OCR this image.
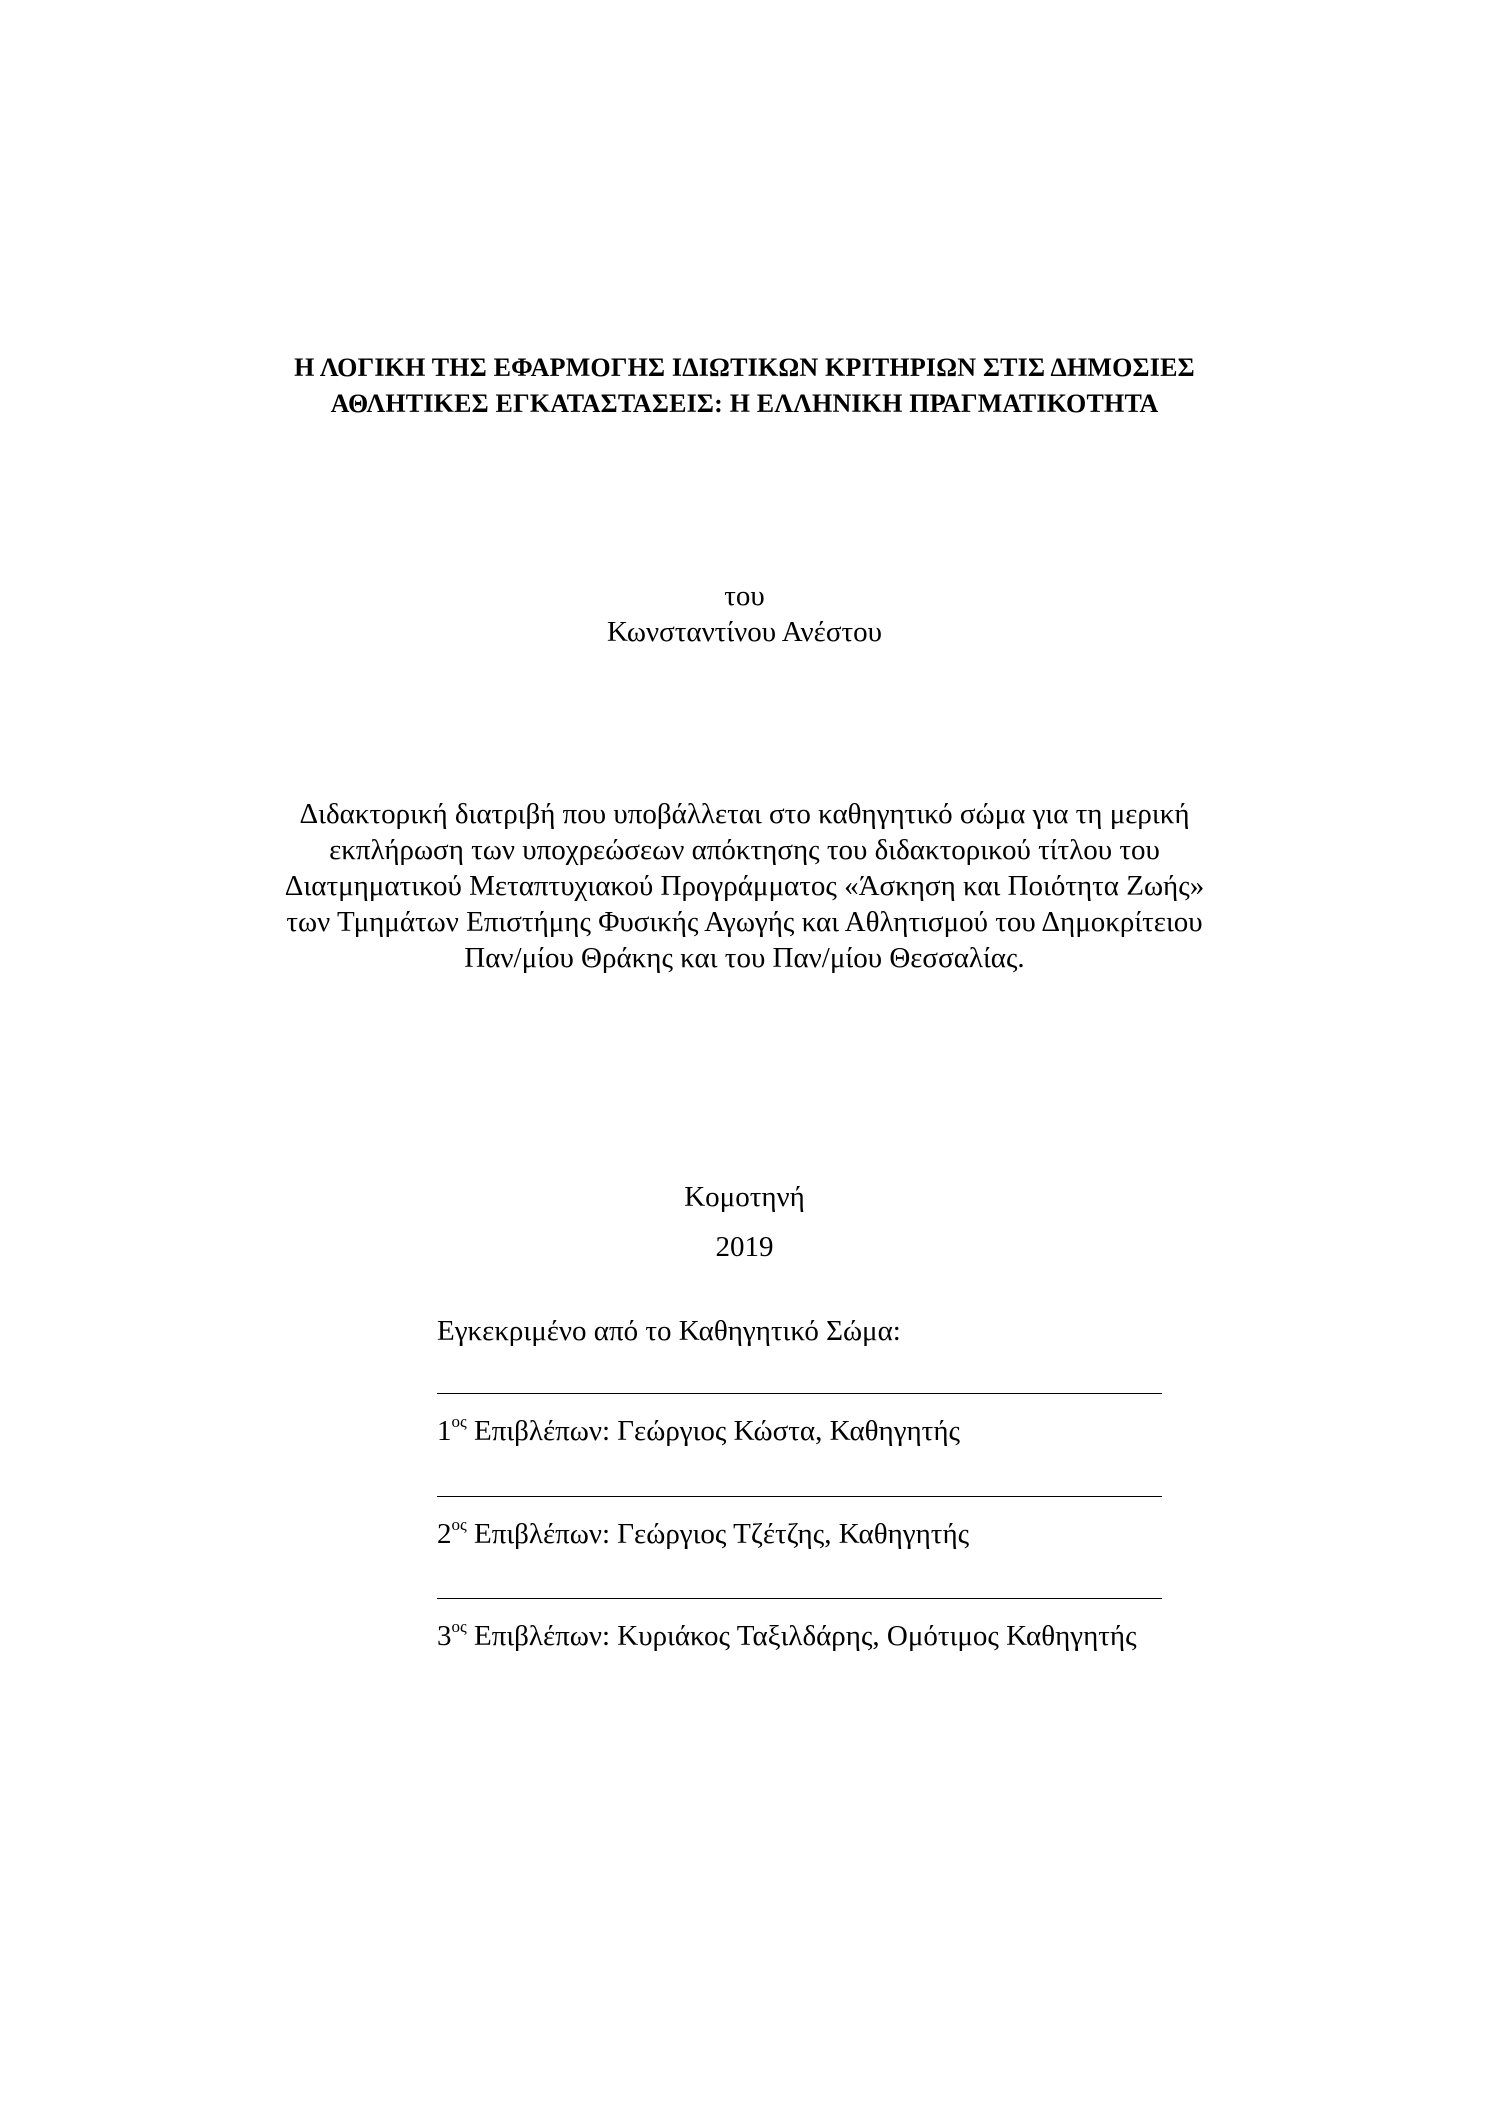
Η ΛΟΓΙΚΗ ΤΗΣ ΕΦΑΡΜΟΓΗΣ ΙΔΙΩΤΙΚΩΝ ΚΡΙΤΗΡΙΩΝ ΣΤΙΣ ΔΗΜΟΣΙΕΣ
ΑΘΛΗΤΙΚΕΣ ΕΓΚΑΤΑΣΤΑΣΕΙΣ: Η ΕΛΛΗΝΙΚΗ ΠΡΑΓΜΑΤΙΚΟΤΗΤΑ
του
Κωνσταντίνου Ανέστου
Διδακτορική διατριβή που υποβάλλεται στο καθηγητικό σώμα για τη μερική
εκπλήρωση των υποχρεώσεων απόκτησης του διδακτορικού τίτλου του
Διατμηματικού Μεταπτυχιακού Προγράμματος «Άσκηση και Ποιότητα Ζωής»
των Τμημάτων Επιστήμης Φυσικής Αγωγής και Αθλητισμού του Δημοκρίτειου
Παν/μίου Θράκης και του Παν/μίου Θεσσαλίας.
Κομοτηνή
2019
Εγκεκριμένο από το Καθηγητικό Σώμα:
$1^{o\varsigma}$ Επιβλέπων: Γεώργιος Κώστα, Καθηγητής
$2^{o\varsigma}$ Επιβλέπων: Γεώργιος Τζέτζης, Καθηγητής
$3^{o\varsigma}$ Επιβλέπων: Κυριάκος Ταξιλδάρης, Ομότιμος Καθηγητής
